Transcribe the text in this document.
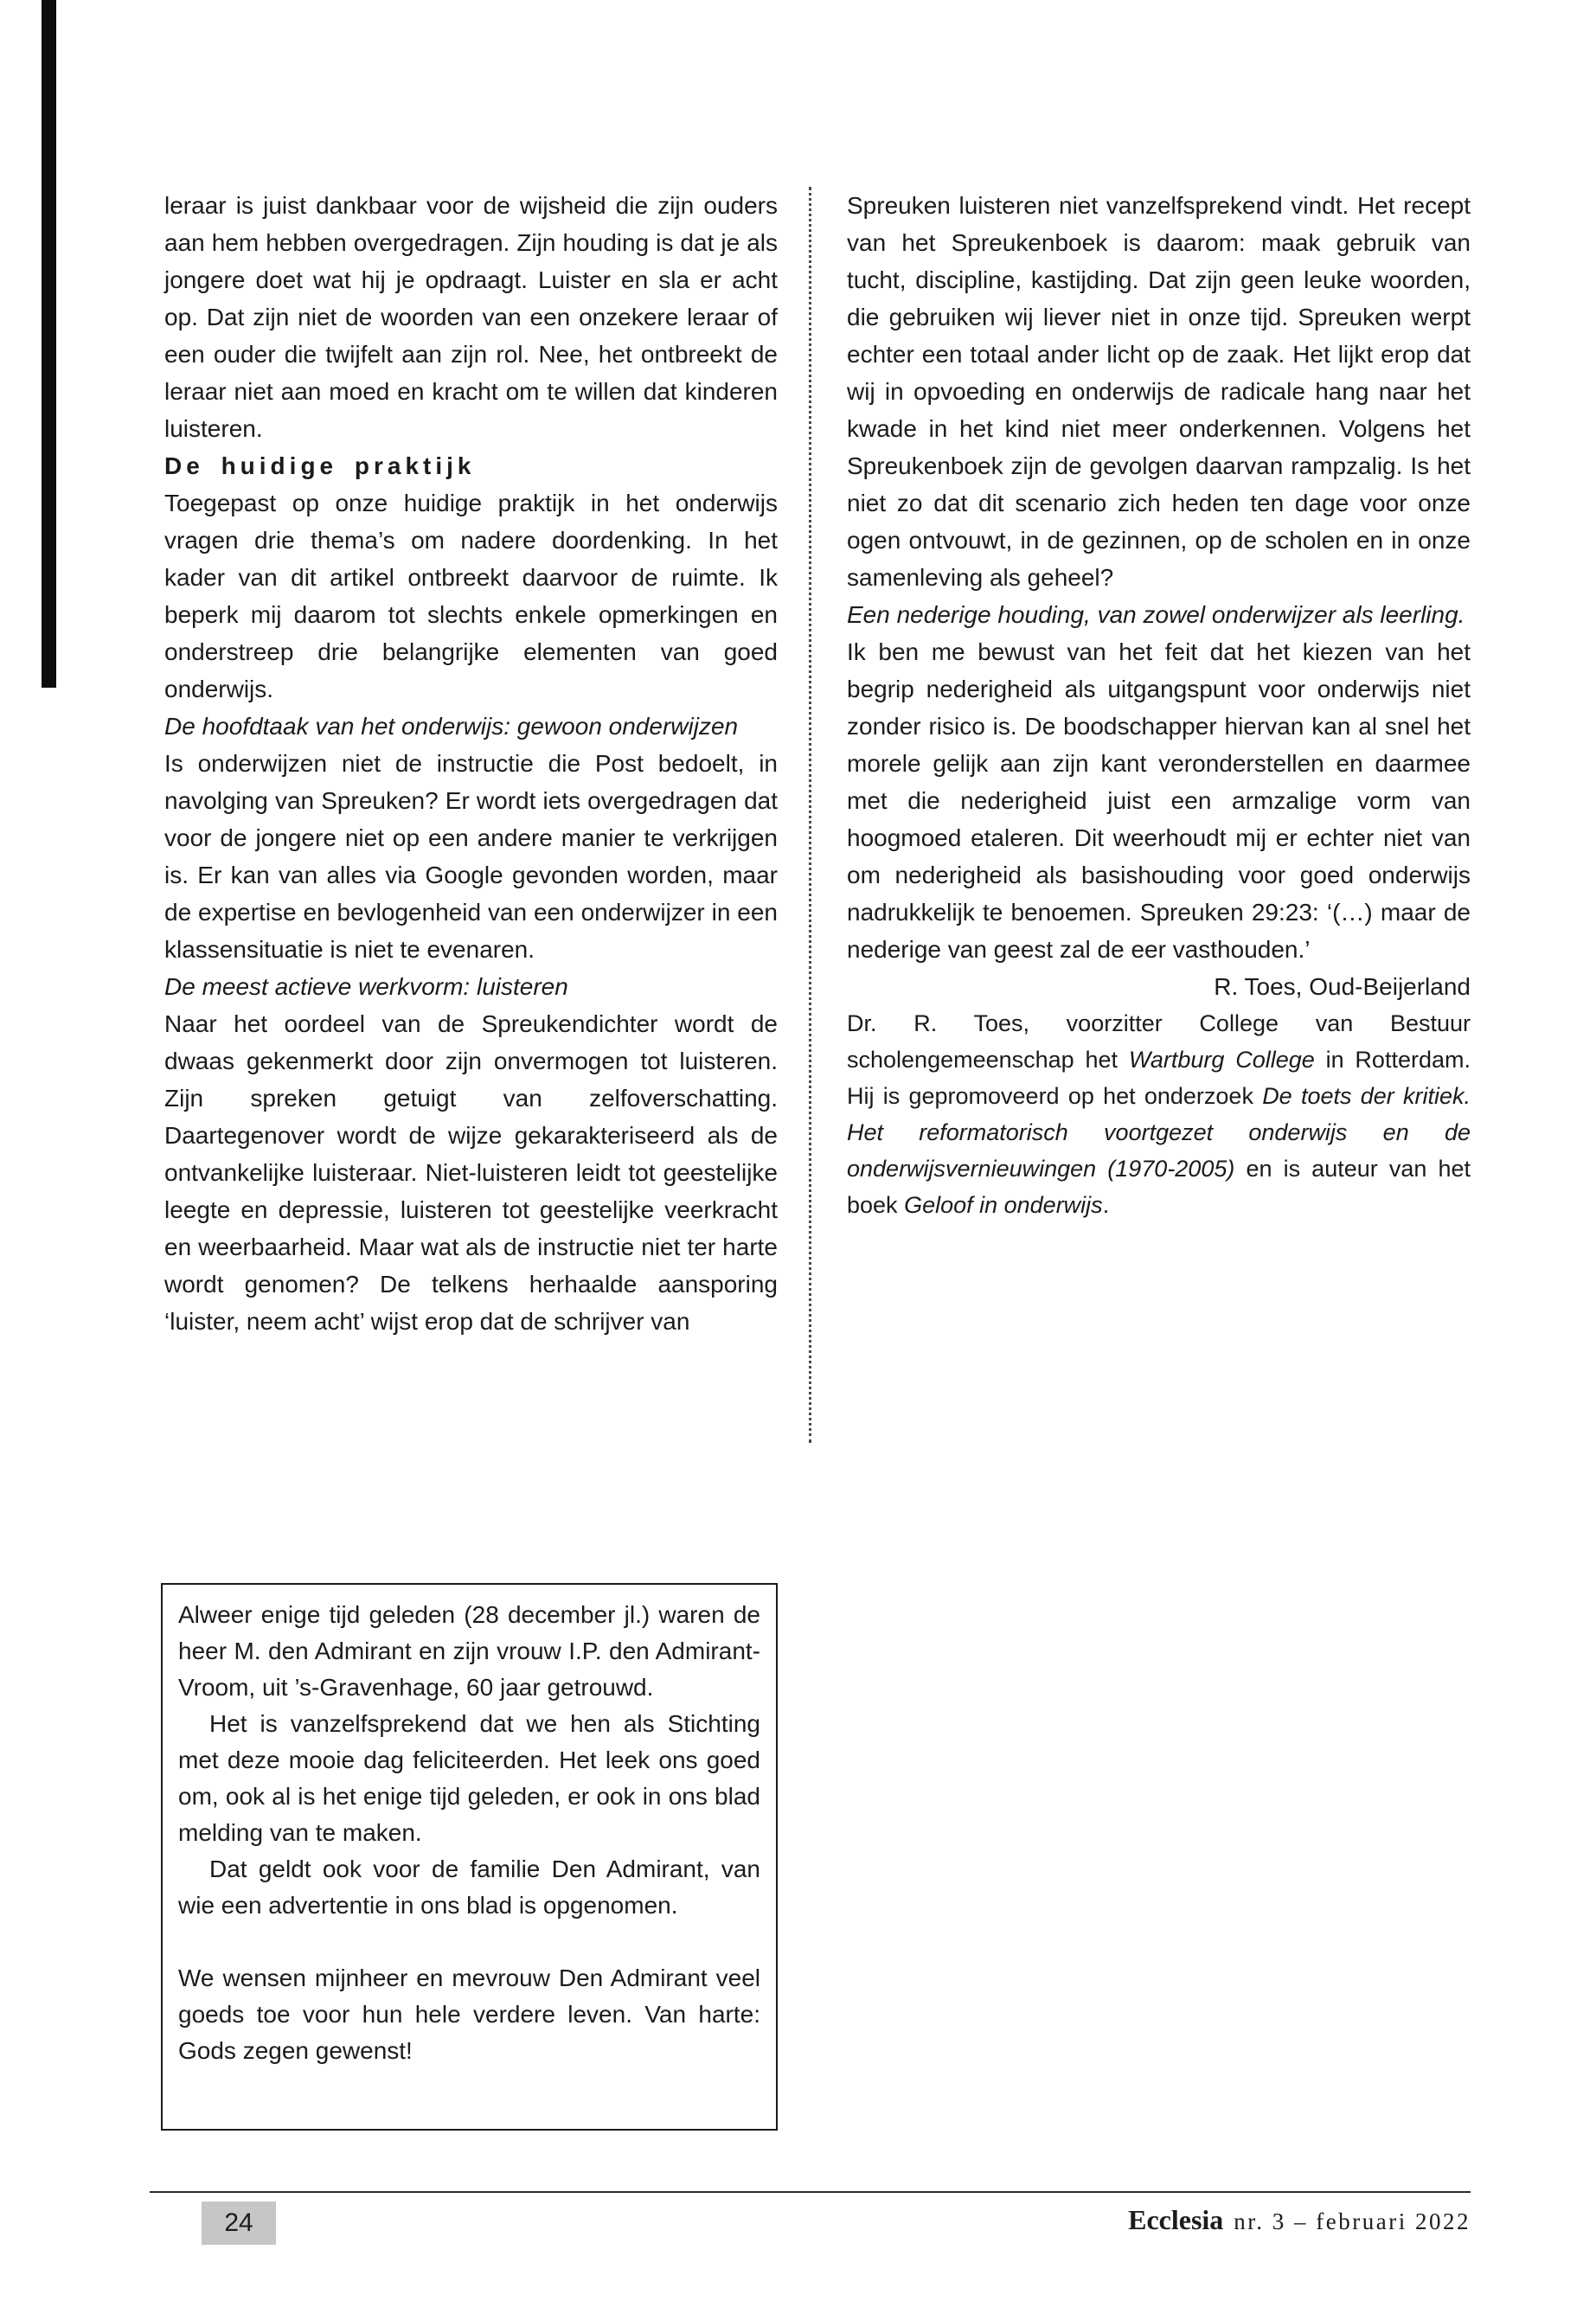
leraar is juist dankbaar voor de wijsheid die zijn ouders aan hem hebben overgedragen. Zijn houding is dat je als jongere doet wat hij je opdraagt. Luister en sla er acht op. Dat zijn niet de woorden van een onzekere leraar of een ouder die twijfelt aan zijn rol. Nee, het ontbreekt de leraar niet aan moed en kracht om te willen dat kinderen luisteren.

De huidige praktijk

Toegepast op onze huidige praktijk in het onderwijs vragen drie thema’s om nadere doordenking. In het kader van dit artikel ontbreekt daarvoor de ruimte. Ik beperk mij daarom tot slechts enkele opmerkingen en onderstreep drie belangrijke elementen van goed onderwijs.

De hoofdtaak van het onderwijs: gewoon onderwijzen

Is onderwijzen niet de instructie die Post bedoelt, in navolging van Spreuken? Er wordt iets overgedragen dat voor de jongere niet op een andere manier te verkrijgen is. Er kan van alles via Google gevonden worden, maar de expertise en bevlogenheid van een onderwijzer in een klassensituatie is niet te evenaren.

De meest actieve werkvorm: luisteren

Naar het oordeel van de Spreukendichter wordt de dwaas gekenmerkt door zijn onvermogen tot luisteren. Zijn spreken getuigt van zelfoverschatting. Daartegenover wordt de wijze gekarakteriseerd als de ontvankelijke luisteraar. Niet-luisteren leidt tot geestelijke leegte en depressie, luisteren tot geestelijke veerkracht en weerbaarheid. Maar wat als de instructie niet ter harte wordt genomen? De telkens herhaalde aansporing ‘luister, neem acht’ wijst erop dat de schrijver van

Spreuken luisteren niet vanzelfsprekend vindt. Het recept van het Spreukenboek is daarom: maak gebruik van tucht, discipline, kastijding. Dat zijn geen leuke woorden, die gebruiken wij liever niet in onze tijd. Spreuken werpt echter een totaal ander licht op de zaak. Het lijkt erop dat wij in opvoeding en onderwijs de radicale hang naar het kwade in het kind niet meer onderkennen. Volgens het Spreukenboek zijn de gevolgen daarvan rampzalig. Is het niet zo dat dit scenario zich heden ten dage voor onze ogen ontvouwt, in de gezinnen, op de scholen en in onze samenleving als geheel?

Een nederige houding, van zowel onderwijzer als leerling.

Ik ben me bewust van het feit dat het kiezen van het begrip nederigheid als uitgangspunt voor onderwijs niet zonder risico is. De boodschapper hiervan kan al snel het morele gelijk aan zijn kant veronderstellen en daarmee met die nederigheid juist een armzalige vorm van hoogmoed etaleren. Dit weerhoudt mij er echter niet van om nederigheid als basishouding voor goed onderwijs nadrukkelijk te benoemen. Spreuken 29:23: ‘(…) maar de nederige van geest zal de eer vasthouden.’

R. Toes, Oud-Beijerland

Dr. R. Toes, voorzitter College van Bestuur scholengemeenschap het Wartburg College in Rotterdam. Hij is gepromoveerd op het onderzoek De toets der kritiek. Het reformatorisch voortgezet onderwijs en de onderwijsvernieuwingen (1970-2005) en is auteur van het boek Geloof in onderwijs.

Alweer enige tijd geleden (28 december jl.) waren de heer M. den Admirant en zijn vrouw I.P. den Admirant-Vroom, uit ’s-Gravenhage, 60 jaar getrouwd.

Het is vanzelfsprekend dat we hen als Stichting met deze mooie dag feliciteerden. Het leek ons goed om, ook al is het enige tijd geleden, er ook in ons blad melding van te maken.

Dat geldt ook voor de familie Den Admirant, van wie een advertentie in ons blad is opgenomen.

We wensen mijnheer en mevrouw Den Admirant veel goeds toe voor hun hele verdere leven. Van harte: Gods zegen gewenst!

24	Ecclesia nr. 3 – februari 2022
